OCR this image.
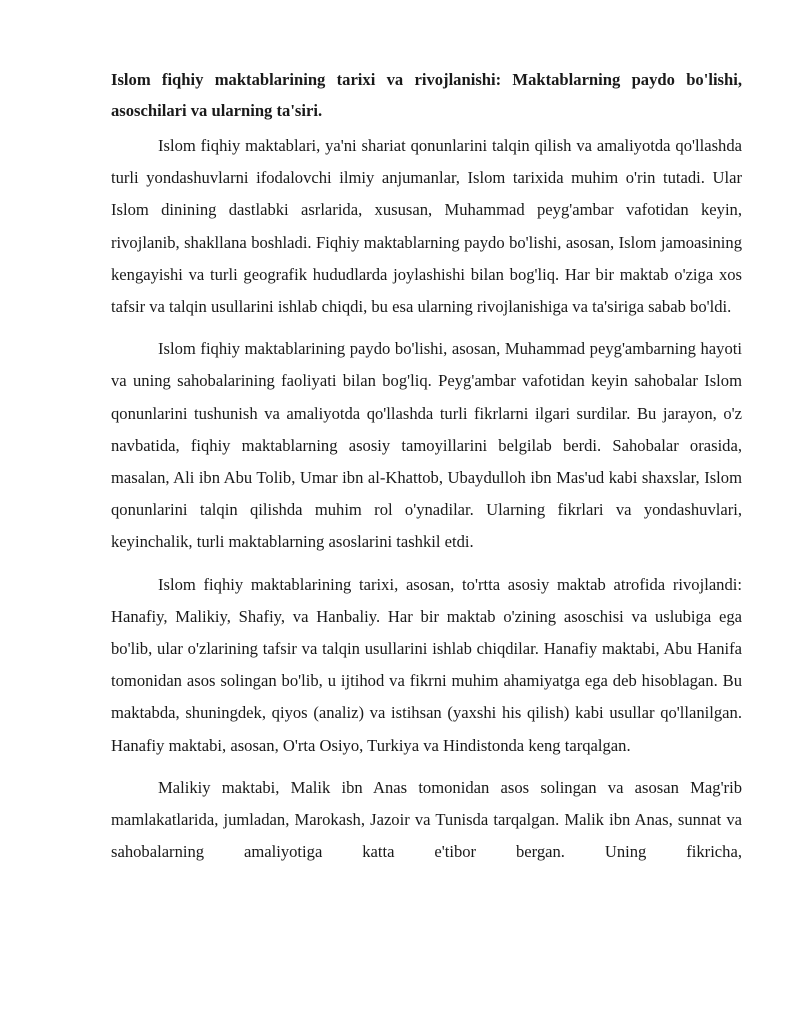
Islom fiqhiy maktablarining tarixi va rivojlanishi: Maktablarning paydo bo'lishi, asoschilari va ularning ta'siri.

Islom fiqhiy maktablari, ya'ni shariat qonunlarini talqin qilish va amaliyotda qo'llashda turli yondashuvlarni ifodalovchi ilmiy anjumanlar, Islom tarixida muhim o'rin tutadi. Ular Islom dinining dastlabki asrlarida, xususan, Muhammad peyg'ambar vafotidan keyin, rivojlanib, shakllana boshladi. Fiqhiy maktablarning paydo bo'lishi, asosan, Islom jamoasining kengayishi va turli geografik hududlarda joylashishi bilan bog'liq. Har bir maktab o'ziga xos tafsir va talqin usullarini ishlab chiqdi, bu esa ularning rivojlanishiga va ta'siriga sabab bo'ldi.

Islom fiqhiy maktablarining paydo bo'lishi, asosan, Muhammad peyg'ambarning hayoti va uning sahobalarining faoliyati bilan bog'liq. Peyg'ambar vafotidan keyin sahobalar Islom qonunlarini tushunish va amaliyotda qo'llashda turli fikrlarni ilgari surdilar. Bu jarayon, o'z navbatida, fiqhiy maktablarning asosiy tamoyillarini belgilab berdi. Sahobalar orasida, masalan, Ali ibn Abu Tolib, Umar ibn al-Khattob, Ubaydulloh ibn Mas'ud kabi shaxslar, Islom qonunlarini talqin qilishda muhim rol o'ynadilar. Ularning fikrlari va yondashuvlari, keyinchalik, turli maktablarning asoslarini tashkil etdi.

Islom fiqhiy maktablarining tarixi, asosan, to'rtta asosiy maktab atrofida rivojlandi: Hanafiy, Malikiy, Shafiy, va Hanbaliy. Har bir maktab o'zining asoschisi va uslubiga ega bo'lib, ular o'zlarining tafsir va talqin usullarini ishlab chiqdilar. Hanafiy maktabi, Abu Hanifa tomonidan asos solingan bo'lib, u ijtihod va fikrni muhim ahamiyatga ega deb hisoblagan. Bu maktabda, shuningdek, qiyos (analiz) va istihsan (yaxshi his qilish) kabi usullar qo'llanilgan. Hanafiy maktabi, asosan, O'rta Osiyo, Turkiya va Hindistonda keng tarqalgan.

Malikiy maktabi, Malik ibn Anas tomonidan asos solingan va asosan Mag'rib mamlakatlarida, jumladan, Marokash, Jazoir va Tunisda tarqalgan. Malik ibn Anas, sunnat va sahobalarning amaliyotiga katta e'tibor bergan. Uning fikricha,
